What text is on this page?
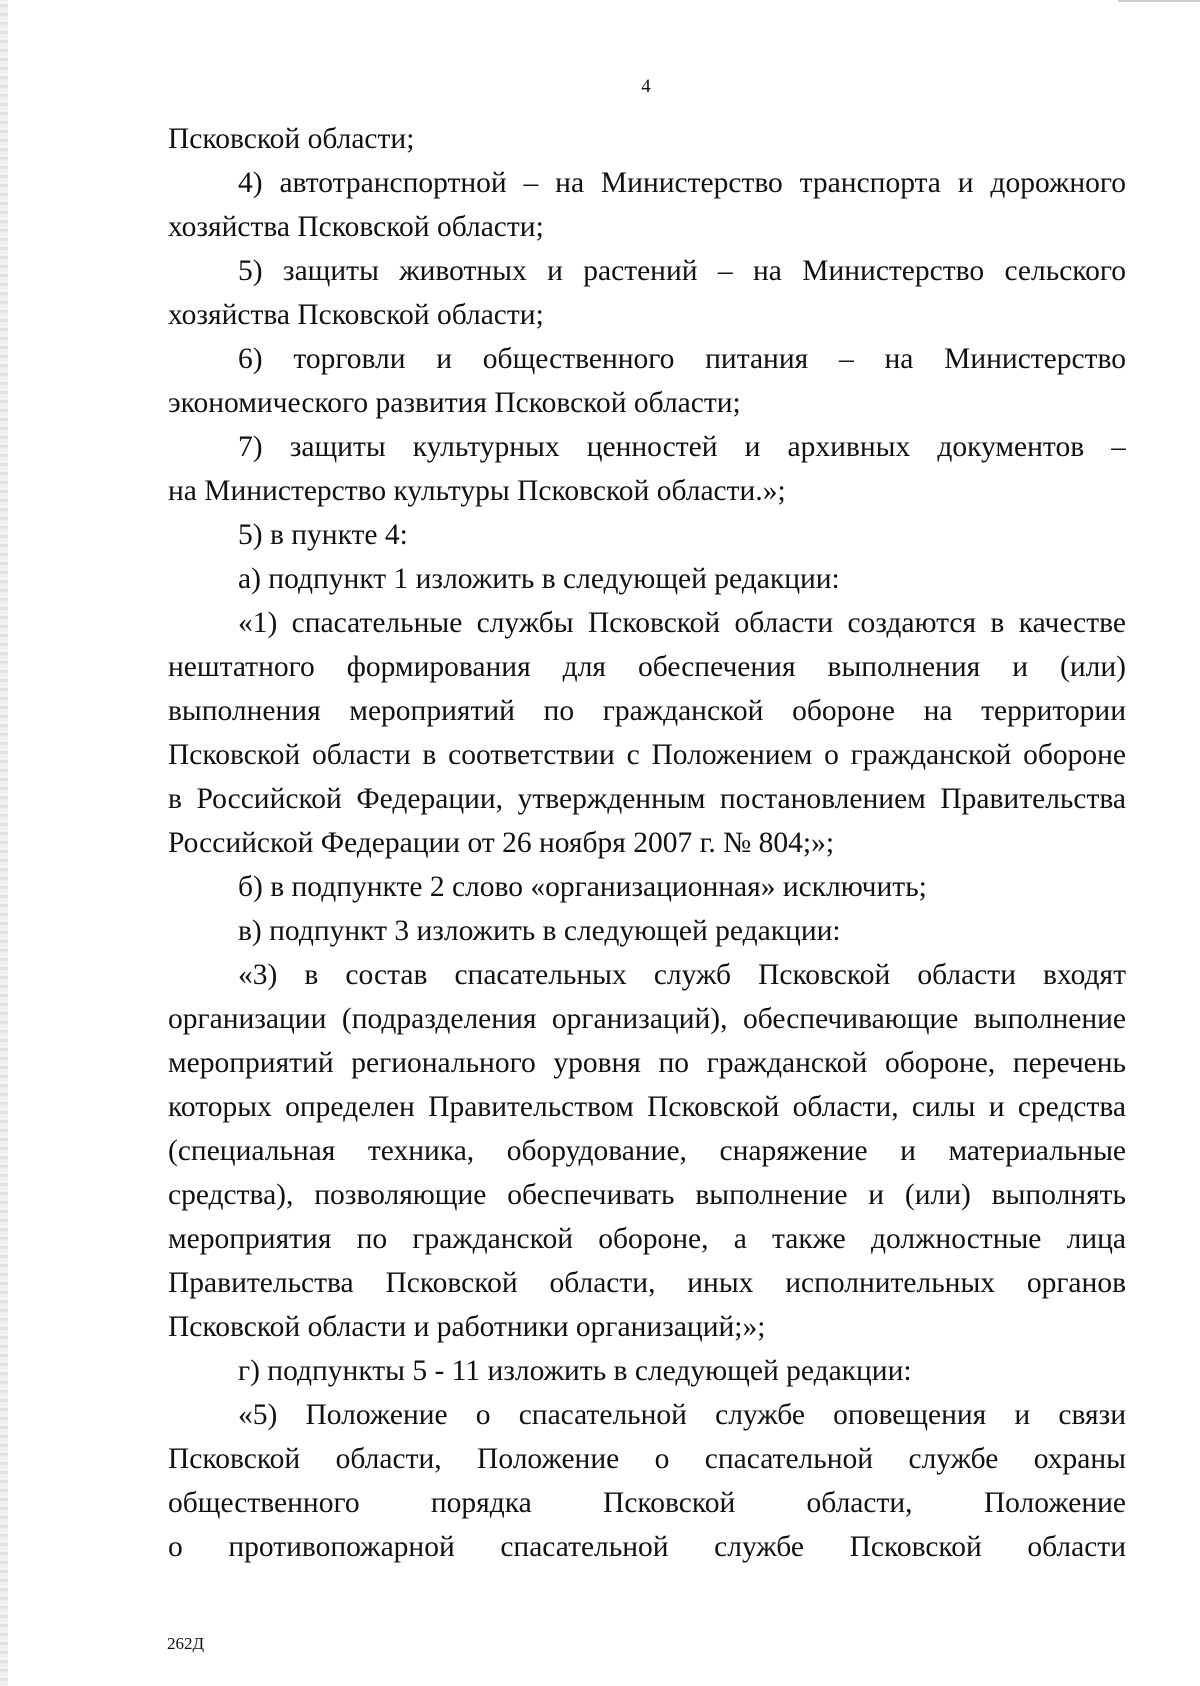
4
Псковской области;
4) автотранспортной – на Министерство транспорта и дорожного
хозяйства Псковской области;
5) защиты животных и растений – на Министерство сельского
хозяйства Псковской области;
6) торговли и общественного питания – на Министерство
экономического развития Псковской области;
7) защиты культурных ценностей и архивных документов –
на Министерство культуры Псковской области.»;
5) в пункте 4:
а) подпункт 1 изложить в следующей редакции:
«1) спасательные службы Псковской области создаются в качестве
нештатного формирования для обеспечения выполнения и (или)
выполнения мероприятий по гражданской обороне на территории
Псковской области в соответствии с Положением о гражданской обороне
в Российской Федерации, утвержденным постановлением Правительства
Российской Федерации от 26 ноября 2007 г. № 804;»;
б) в подпункте 2 слово «организационная» исключить;
в) подпункт 3 изложить в следующей редакции:
«3) в состав спасательных служб Псковской области входят
организации (подразделения организаций), обеспечивающие выполнение
мероприятий регионального уровня по гражданской обороне, перечень
которых определен Правительством Псковской области, силы и средства
(специальная техника, оборудование, снаряжение и материальные
средства), позволяющие обеспечивать выполнение и (или) выполнять
мероприятия по гражданской обороне, а также должностные лица
Правительства Псковской области, иных исполнительных органов
Псковской области и работники организаций;»;
г) подпункты 5 - 11 изложить в следующей редакции:
«5) Положение о спасательной службе оповещения и связи
Псковской области, Положение о спасательной службе охраны
общественного порядка Псковской области, Положение
о противопожарной спасательной службе Псковской области
262Д
